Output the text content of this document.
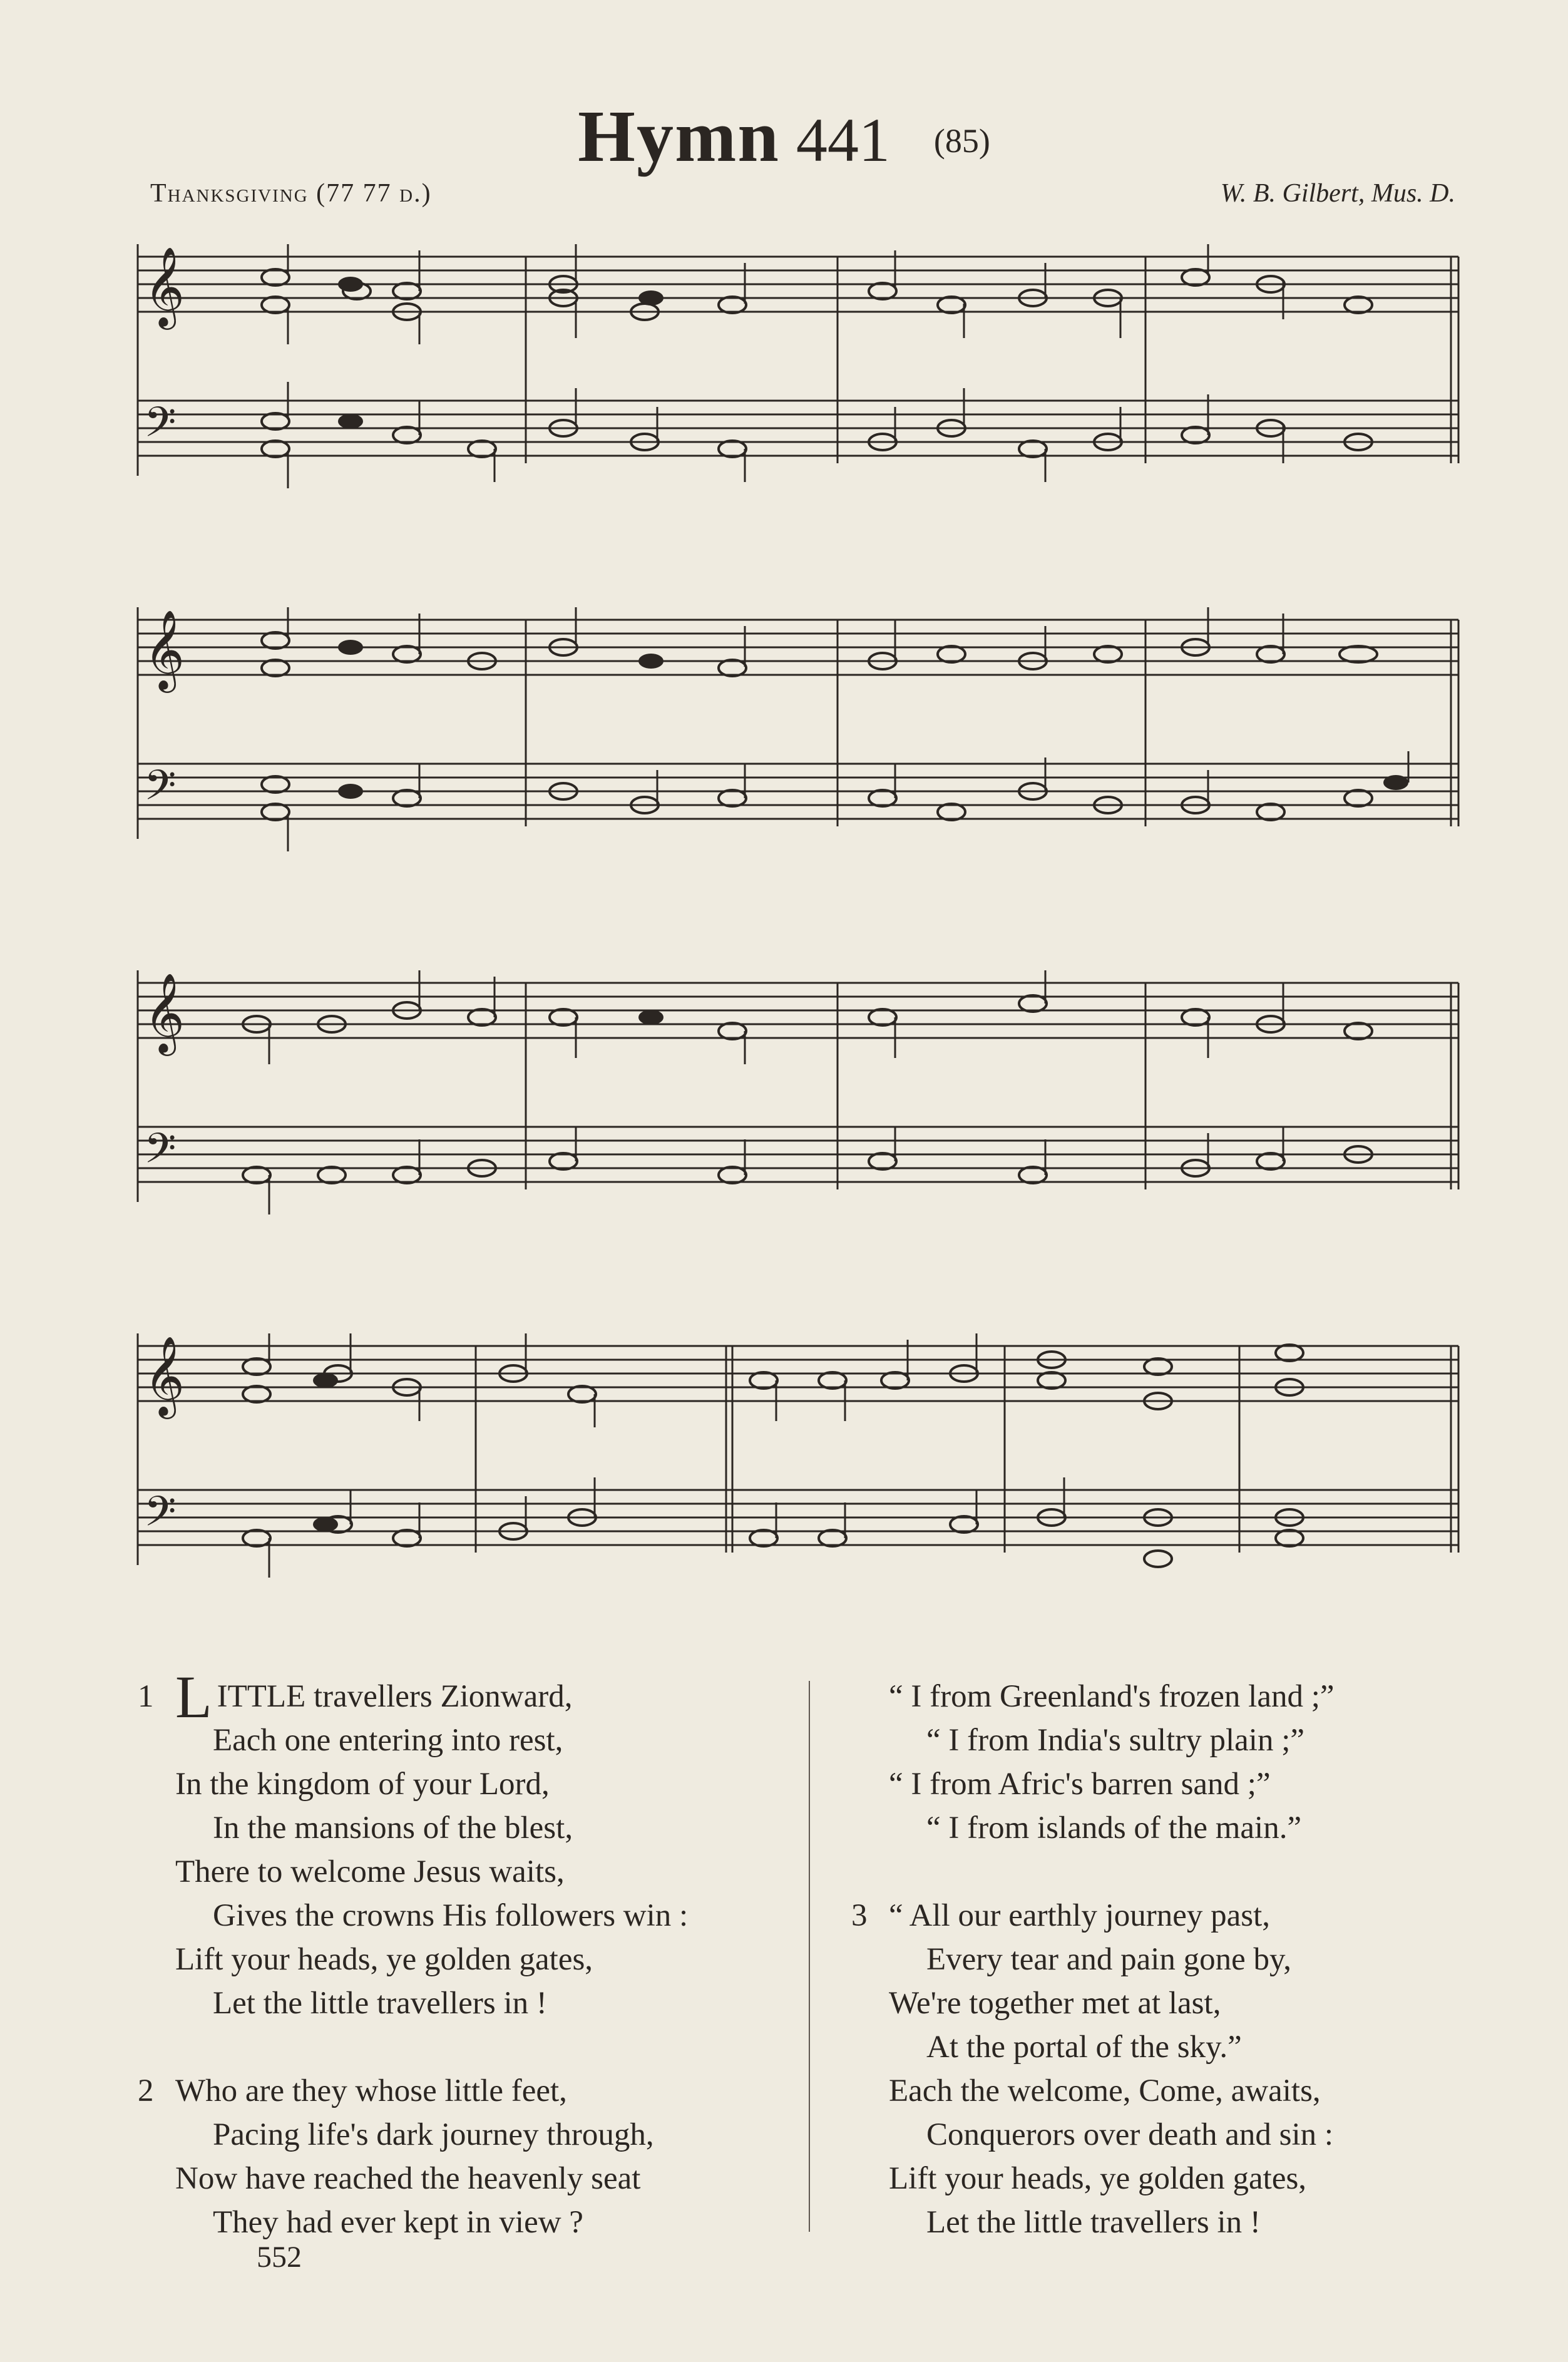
Hymn 441 (85)
Thanksgiving (77 77 d.)	W. B. Gilbert, Mus. D.
𝄞
𝄢
𝄞
𝄢
𝄞
𝄢
𝄞
𝄢
1 LITTLE travellers Zionward,
Each one entering into rest,
In the kingdom of your Lord,
In the mansions of the blest,
There to welcome Jesus waits,
Gives the crowns His followers win :
Lift your heads, ye golden gates,
Let the little travellers in !
2 Who are they whose little feet,
Pacing life's dark journey through,
Now have reached the heavenly seat
They had ever kept in view ?
“ I from Greenland's frozen land ;”
“ I from India's sultry plain ;”
“ I from Afric's barren sand ;”
“ I from islands of the main.”
3 “ All our earthly journey past,
Every tear and pain gone by,
We're together met at last,
At the portal of the sky.”
Each the welcome, Come, awaits,
Conquerors over death and sin :
Lift your heads, ye golden gates,
Let the little travellers in !
552
